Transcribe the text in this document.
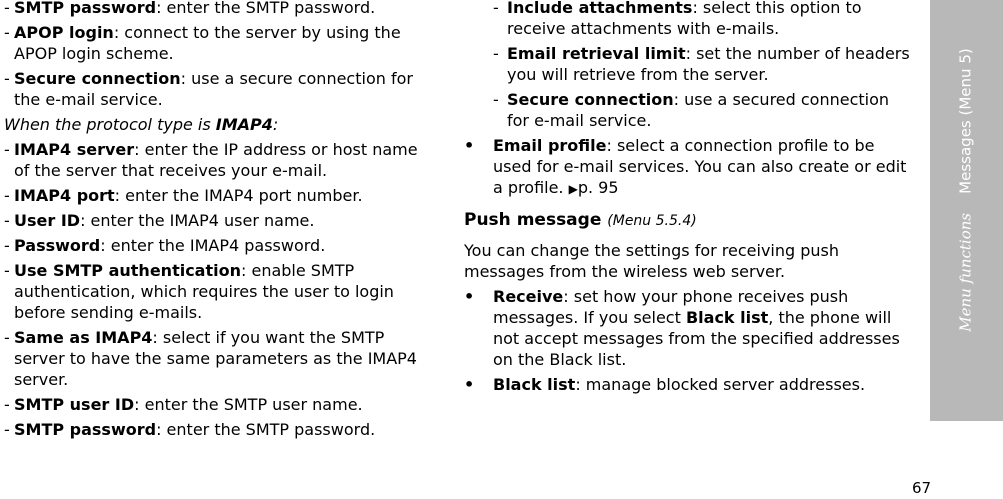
- SMTP password: enter the SMTP password.

- APOP login: connect to the server by using the APOP login scheme.

- Secure connection: use a secure connection for the e-mail service.

When the protocol type is IMAP4:

- IMAP4 server: enter the IP address or host name of the server that receives your e-mail.

- IMAP4 port: enter the IMAP4 port number.

- User ID: enter the IMAP4 user name.

- Password: enter the IMAP4 password.

- Use SMTP authentication: enable SMTP authentication, which requires the user to login before sending e-mails.

- Same as IMAP4: select if you want the SMTP server to have the same parameters as the IMAP4 server.

- SMTP user ID: enter the SMTP user name.

- SMTP password: enter the SMTP password.

- Include attachments: select this option to receive attachments with e-mails.

- Email retrieval limit: set the number of headers you will retrieve from the server.

- Secure connection: use a secured connection for e-mail service.

• Email profile: select a connection profile to be used for e-mail services. You can also create or edit a profile. ▶p. 95

Push message (Menu 5.5.4)

You can change the settings for receiving push messages from the wireless web server.

• Receive: set how your phone receives push messages. If you select Black list, the phone will not accept messages from the specified addresses on the Black list.

• Black list: manage blocked server addresses.

Menu functions    Messages (Menu 5)
67
